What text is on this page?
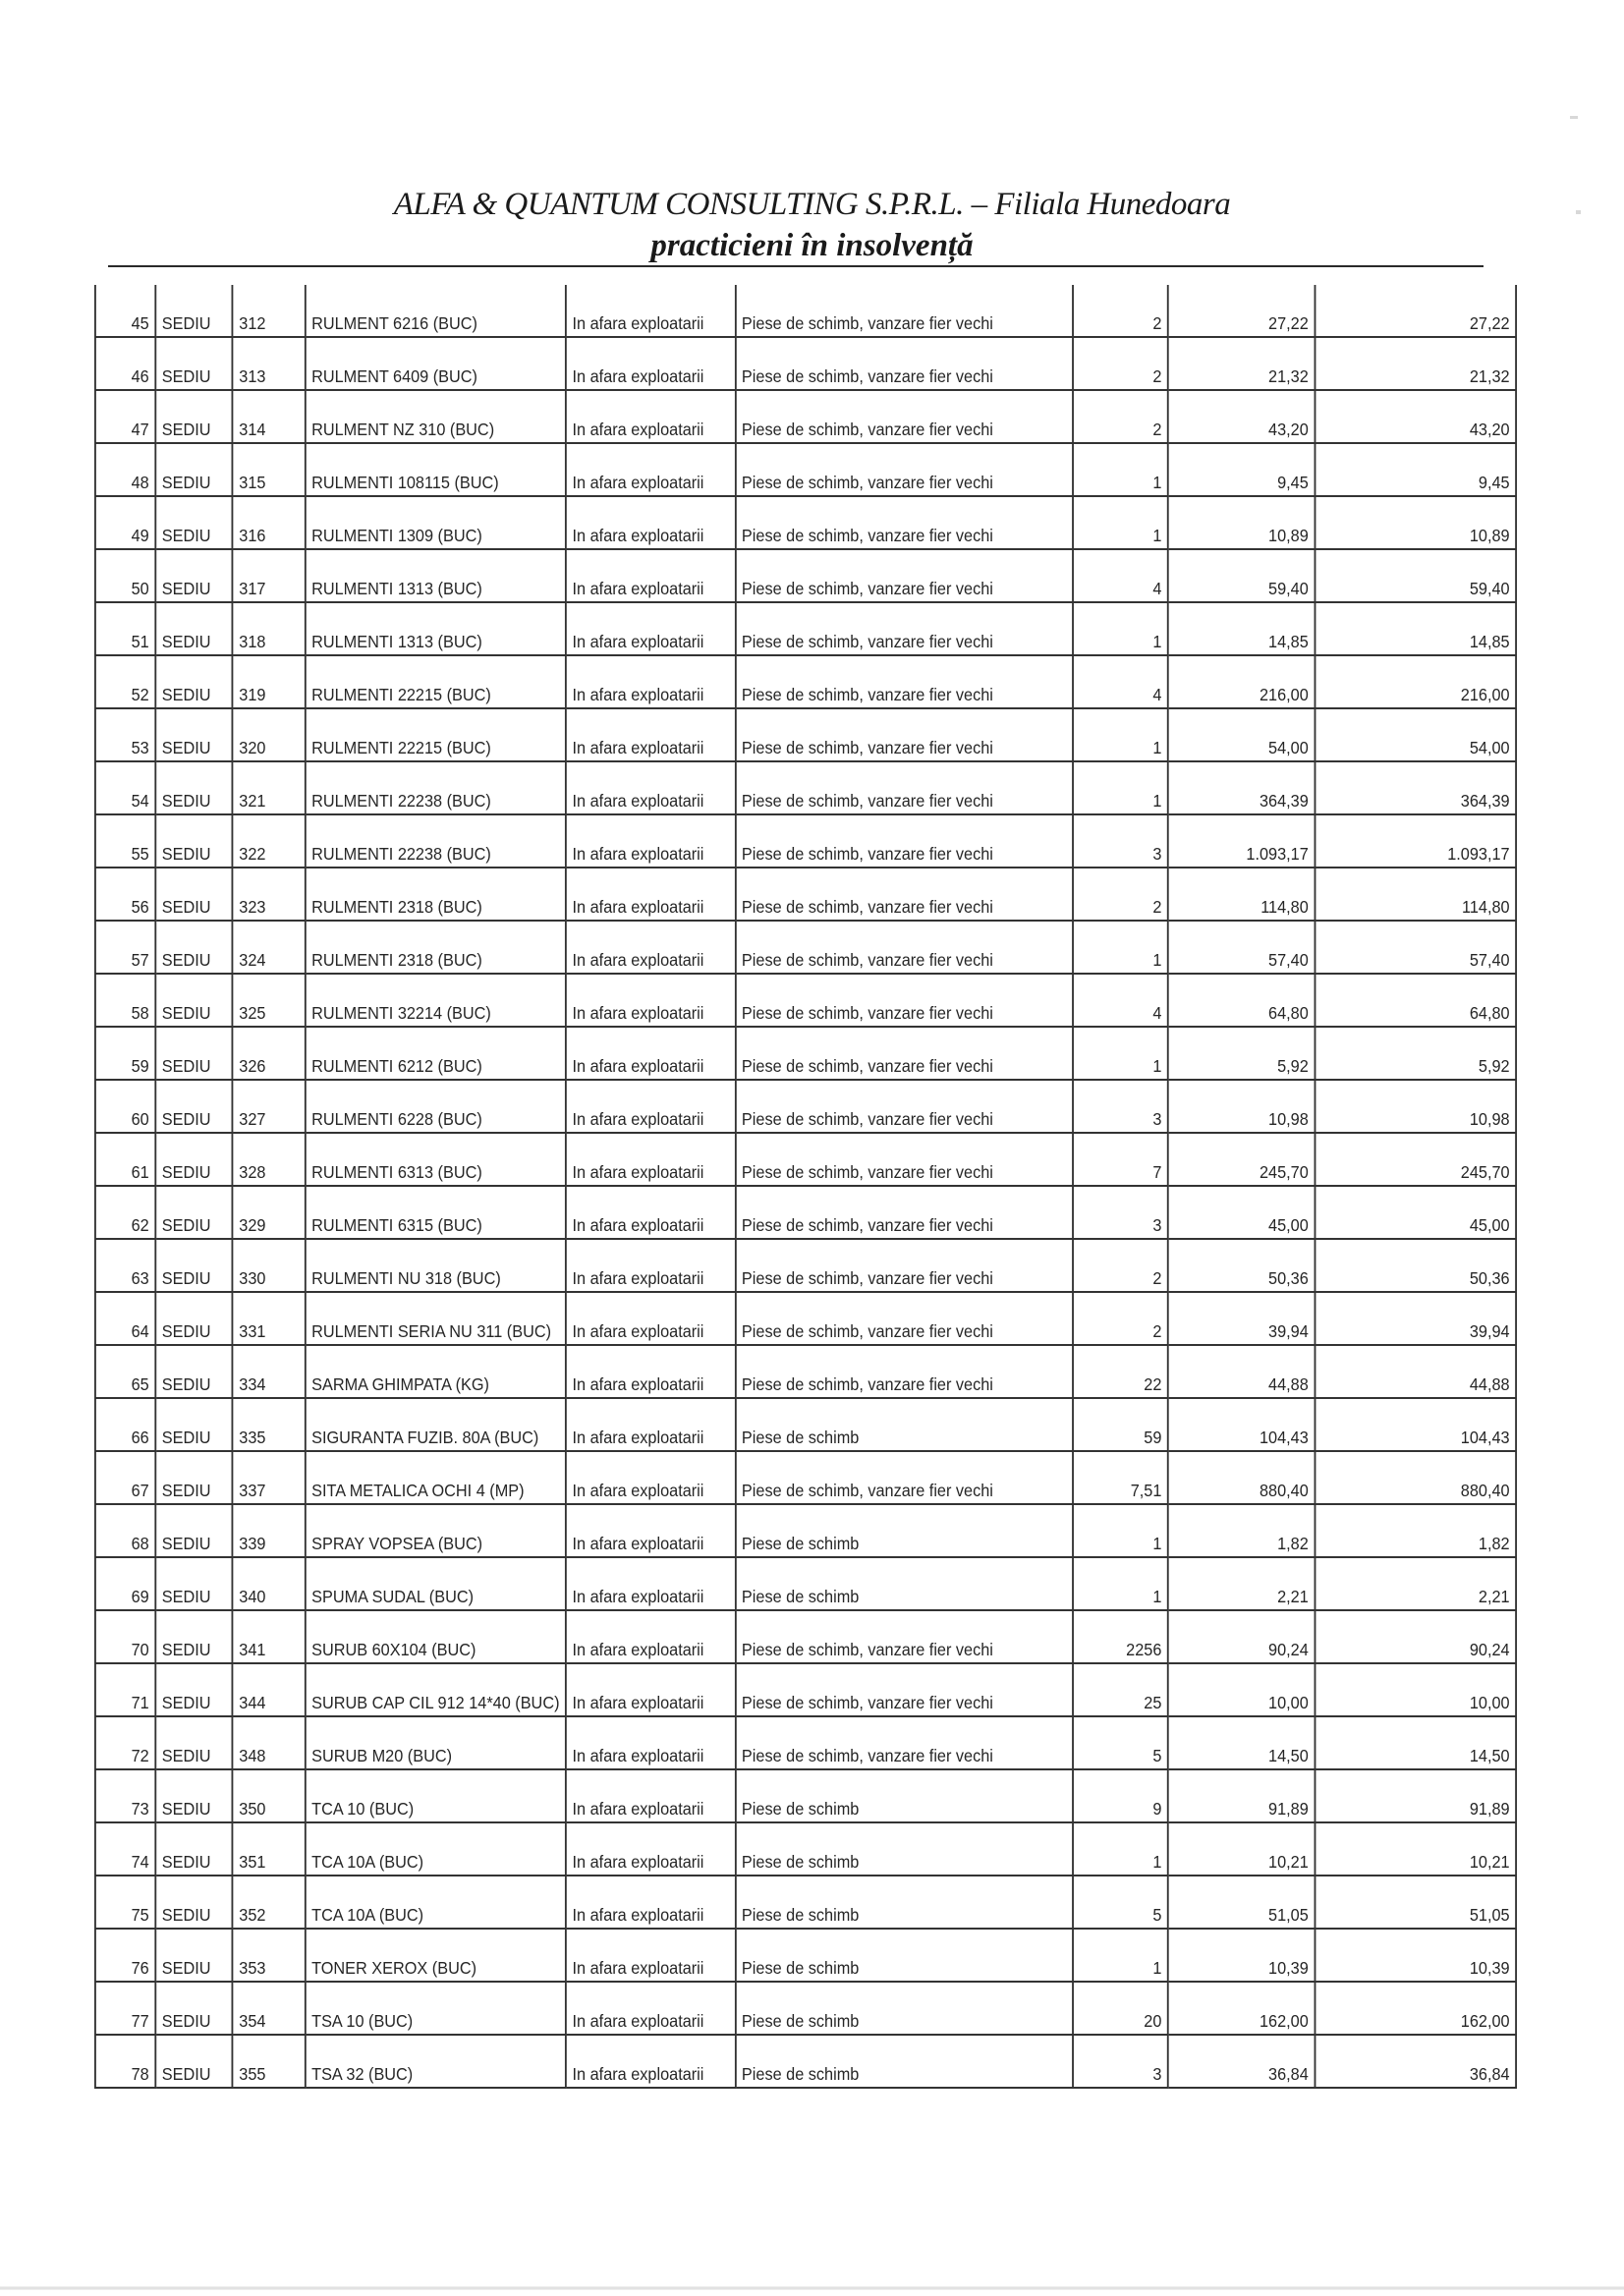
ALFA & QUANTUM CONSULTING S.P.R.L. – Filiala Hunedoara
practicieni în insolvență
45	SEDIU	312	RULMENT 6216 (BUC)	In afara exploatarii	Piese de schimb, vanzare fier vechi	2	27,22	27,22
46	SEDIU	313	RULMENT 6409 (BUC)	In afara exploatarii	Piese de schimb, vanzare fier vechi	2	21,32	21,32
47	SEDIU	314	RULMENT NZ 310 (BUC)	In afara exploatarii	Piese de schimb, vanzare fier vechi	2	43,20	43,20
48	SEDIU	315	RULMENTI 108115 (BUC)	In afara exploatarii	Piese de schimb, vanzare fier vechi	1	9,45	9,45
49	SEDIU	316	RULMENTI 1309 (BUC)	In afara exploatarii	Piese de schimb, vanzare fier vechi	1	10,89	10,89
50	SEDIU	317	RULMENTI 1313 (BUC)	In afara exploatarii	Piese de schimb, vanzare fier vechi	4	59,40	59,40
51	SEDIU	318	RULMENTI 1313 (BUC)	In afara exploatarii	Piese de schimb, vanzare fier vechi	1	14,85	14,85
52	SEDIU	319	RULMENTI 22215 (BUC)	In afara exploatarii	Piese de schimb, vanzare fier vechi	4	216,00	216,00
53	SEDIU	320	RULMENTI 22215 (BUC)	In afara exploatarii	Piese de schimb, vanzare fier vechi	1	54,00	54,00
54	SEDIU	321	RULMENTI 22238 (BUC)	In afara exploatarii	Piese de schimb, vanzare fier vechi	1	364,39	364,39
55	SEDIU	322	RULMENTI 22238 (BUC)	In afara exploatarii	Piese de schimb, vanzare fier vechi	3	1.093,17	1.093,17
56	SEDIU	323	RULMENTI 2318 (BUC)	In afara exploatarii	Piese de schimb, vanzare fier vechi	2	114,80	114,80
57	SEDIU	324	RULMENTI 2318 (BUC)	In afara exploatarii	Piese de schimb, vanzare fier vechi	1	57,40	57,40
58	SEDIU	325	RULMENTI 32214 (BUC)	In afara exploatarii	Piese de schimb, vanzare fier vechi	4	64,80	64,80
59	SEDIU	326	RULMENTI 6212 (BUC)	In afara exploatarii	Piese de schimb, vanzare fier vechi	1	5,92	5,92
60	SEDIU	327	RULMENTI 6228 (BUC)	In afara exploatarii	Piese de schimb, vanzare fier vechi	3	10,98	10,98
61	SEDIU	328	RULMENTI 6313 (BUC)	In afara exploatarii	Piese de schimb, vanzare fier vechi	7	245,70	245,70
62	SEDIU	329	RULMENTI 6315 (BUC)	In afara exploatarii	Piese de schimb, vanzare fier vechi	3	45,00	45,00
63	SEDIU	330	RULMENTI NU 318 (BUC)	In afara exploatarii	Piese de schimb, vanzare fier vechi	2	50,36	50,36
64	SEDIU	331	RULMENTI SERIA NU 311 (BUC)	In afara exploatarii	Piese de schimb, vanzare fier vechi	2	39,94	39,94
65	SEDIU	334	SARMA GHIMPATA (KG)	In afara exploatarii	Piese de schimb, vanzare fier vechi	22	44,88	44,88
66	SEDIU	335	SIGURANTA FUZIB. 80A (BUC)	In afara exploatarii	Piese de schimb	59	104,43	104,43
67	SEDIU	337	SITA METALICA OCHI 4 (MP)	In afara exploatarii	Piese de schimb, vanzare fier vechi	7,51	880,40	880,40
68	SEDIU	339	SPRAY VOPSEA (BUC)	In afara exploatarii	Piese de schimb	1	1,82	1,82
69	SEDIU	340	SPUMA SUDAL (BUC)	In afara exploatarii	Piese de schimb	1	2,21	2,21
70	SEDIU	341	SURUB 60X104 (BUC)	In afara exploatarii	Piese de schimb, vanzare fier vechi	2256	90,24	90,24
71	SEDIU	344	SURUB CAP CIL 912 14*40 (BUC)	In afara exploatarii	Piese de schimb, vanzare fier vechi	25	10,00	10,00
72	SEDIU	348	SURUB M20 (BUC)	In afara exploatarii	Piese de schimb, vanzare fier vechi	5	14,50	14,50
73	SEDIU	350	TCA 10 (BUC)	In afara exploatarii	Piese de schimb	9	91,89	91,89
74	SEDIU	351	TCA 10A (BUC)	In afara exploatarii	Piese de schimb	1	10,21	10,21
75	SEDIU	352	TCA 10A (BUC)	In afara exploatarii	Piese de schimb	5	51,05	51,05
76	SEDIU	353	TONER XEROX (BUC)	In afara exploatarii	Piese de schimb	1	10,39	10,39
77	SEDIU	354	TSA 10 (BUC)	In afara exploatarii	Piese de schimb	20	162,00	162,00
78	SEDIU	355	TSA 32 (BUC)	In afara exploatarii	Piese de schimb	3	36,84	36,84
